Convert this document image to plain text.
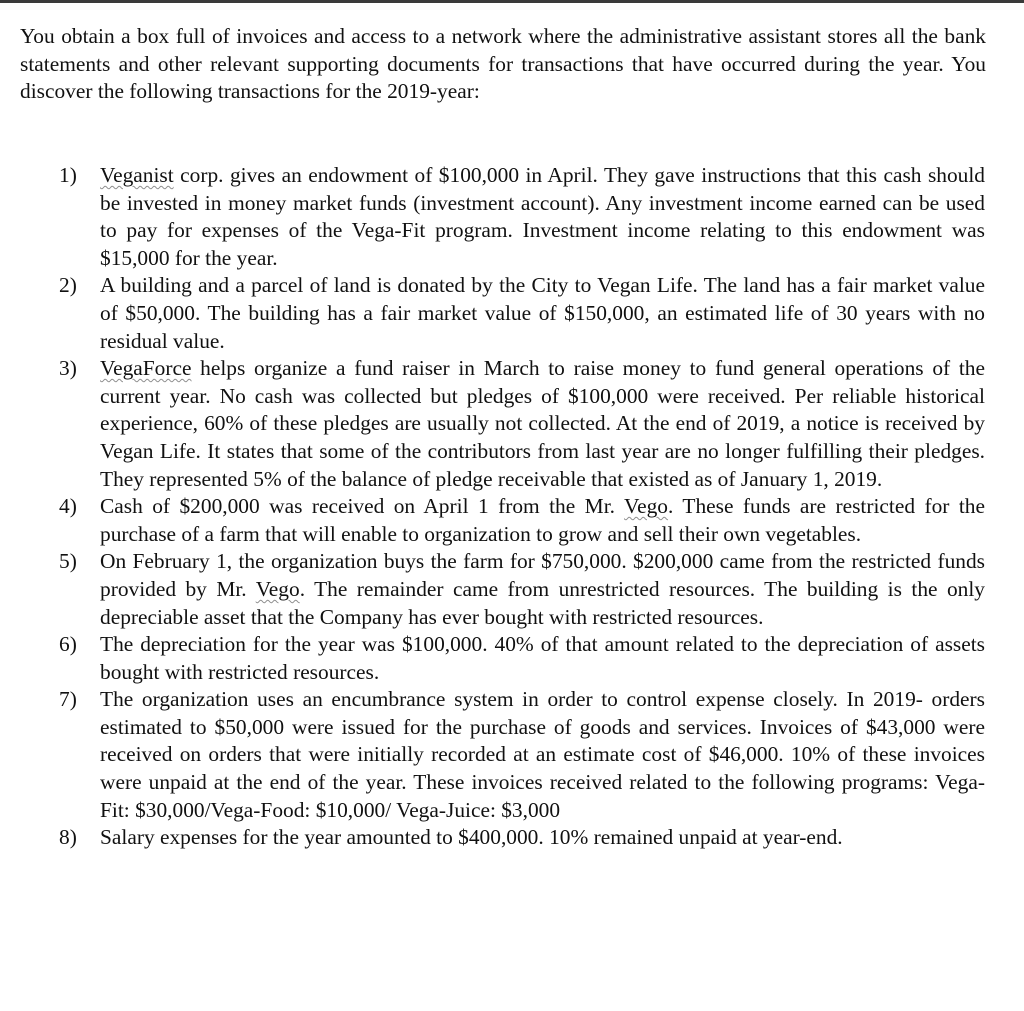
You obtain a box full of invoices and access to a network where the administrative assistant stores all the bank statements and other relevant supporting documents for transactions that have occurred during the year. You discover the following transactions for the 2019-year:

1) Veganist corp. gives an endowment of $100,000 in April. They gave instructions that this cash should be invested in money market funds (investment account). Any investment income earned can be used to pay for expenses of the Vega-Fit program. Investment income relating to this endowment was $15,000 for the year.
2) A building and a parcel of land is donated by the City to Vegan Life. The land has a fair market value of $50,000. The building has a fair market value of $150,000, an estimated life of 30 years with no residual value.
3) VegaForce helps organize a fund raiser in March to raise money to fund general operations of the current year. No cash was collected but pledges of $100,000 were received. Per reliable historical experience, 60% of these pledges are usually not collected. At the end of 2019, a notice is received by Vegan Life. It states that some of the contributors from last year are no longer fulfilling their pledges. They represented 5% of the balance of pledge receivable that existed as of January 1, 2019.
4) Cash of $200,000 was received on April 1 from the Mr. Vego. These funds are restricted for the purchase of a farm that will enable to organization to grow and sell their own vegetables.
5) On February 1, the organization buys the farm for $750,000. $200,000 came from the restricted funds provided by Mr. Vego. The remainder came from unrestricted resources. The building is the only depreciable asset that the Company has ever bought with restricted resources.
6) The depreciation for the year was $100,000. 40% of that amount related to the depreciation of assets bought with restricted resources.
7) The organization uses an encumbrance system in order to control expense closely. In 2019- orders estimated to $50,000 were issued for the purchase of goods and services. Invoices of $43,000 were received on orders that were initially recorded at an estimate cost of $46,000. 10% of these invoices were unpaid at the end of the year. These invoices received related to the following programs: Vega-Fit: $30,000/Vega-Food: $10,000/ Vega-Juice: $3,000
8) Salary expenses for the year amounted to $400,000. 10% remained unpaid at year-end.
